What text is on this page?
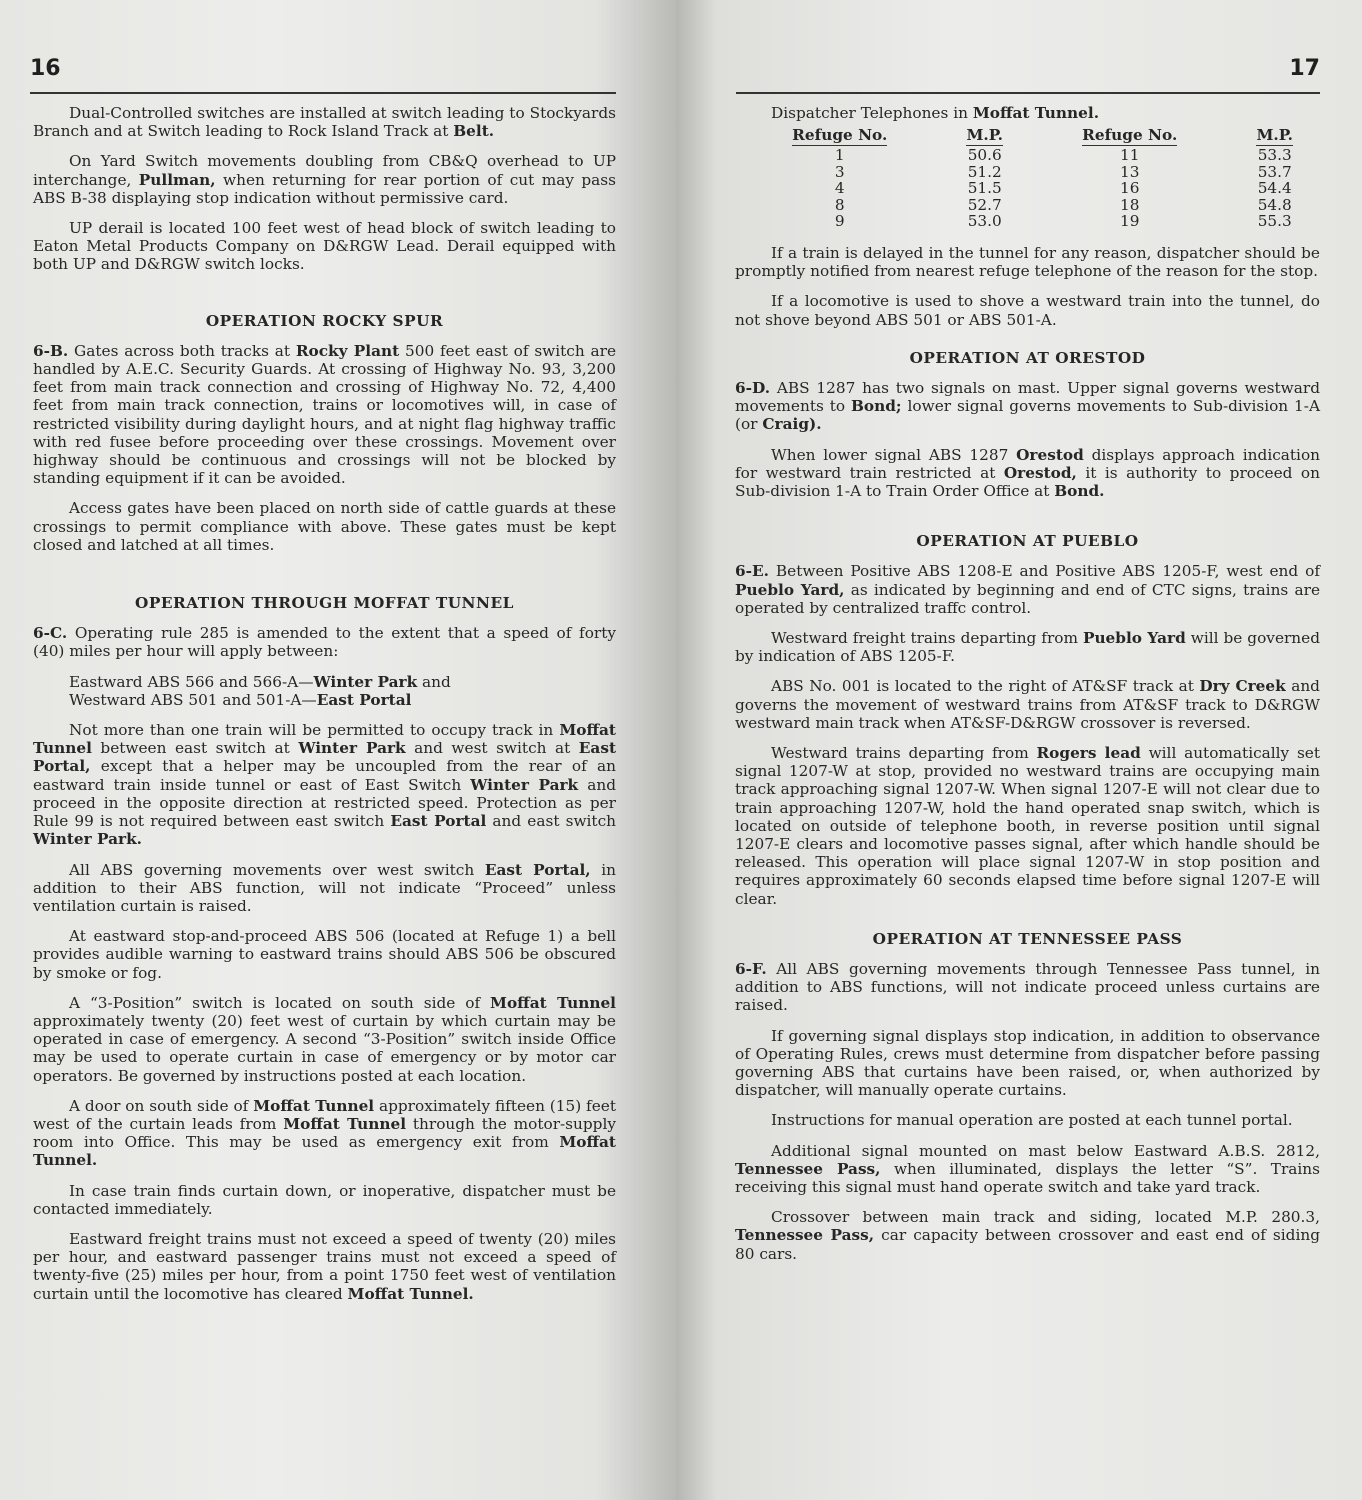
16

Dual-Controlled switches are installed at switch leading to Stockyards Branch and at Switch leading to Rock Island Track at Belt.

On Yard Switch movements doubling from CB&Q overhead to UP interchange, Pullman, when returning for rear portion of cut may pass ABS B-38 displaying stop indication without permissive card.

UP derail is located 100 feet west of head block of switch leading to Eaton Metal Products Company on D&RGW Lead. Derail equipped with both UP and D&RGW switch locks.

OPERATION ROCKY SPUR

6-B. Gates across both tracks at Rocky Plant 500 feet east of switch are handled by A.E.C. Security Guards. At crossing of Highway No. 93, 3,200 feet from main track connection and crossing of Highway No. 72, 4,400 feet from main track connection, trains or locomotives will, in case of restricted visibility during daylight hours, and at night flag highway traffic with red fusee before proceeding over these crossings. Movement over highway should be continuous and crossings will not be blocked by standing equipment if it can be avoided.

Access gates have been placed on north side of cattle guards at these crossings to permit compliance with above. These gates must be kept closed and latched at all times.

OPERATION THROUGH MOFFAT TUNNEL

6-C. Operating rule 285 is amended to the extent that a speed of forty (40) miles per hour will apply between:

Eastward ABS 566 and 566-A—Winter Park and
Westward ABS 501 and 501-A—East Portal

Not more than one train will be permitted to occupy track in Moffat Tunnel between east switch at Winter Park and west switch at East Portal, except that a helper may be uncoupled from the rear of an eastward train inside tunnel or east of East Switch Winter Park and proceed in the opposite direction at restricted speed. Protection as per Rule 99 is not required between east switch East Portal and east switch Winter Park.

All ABS governing movements over west switch East Portal, in addition to their ABS function, will not indicate “Proceed” unless ventilation curtain is raised.

At eastward stop-and-proceed ABS 506 (located at Refuge 1) a bell provides audible warning to eastward trains should ABS 506 be obscured by smoke or fog.

A “3-Position” switch is located on south side of Moffat Tunnel approximately twenty (20) feet west of curtain by which curtain may be operated in case of emergency. A second “3-Position” switch inside Office may be used to operate curtain in case of emergency or by motor car operators. Be governed by instructions posted at each location.

A door on south side of Moffat Tunnel approximately fifteen (15) feet west of the curtain leads from Moffat Tunnel through the motor-supply room into Office. This may be used as emergency exit from Moffat Tunnel.

In case train finds curtain down, or inoperative, dispatcher must be contacted immediately.

Eastward freight trains must not exceed a speed of twenty (20) miles per hour, and eastward passenger trains must not exceed a speed of twenty-five (25) miles per hour, from a point 1750 feet west of ventilation curtain until the locomotive has cleared Moffat Tunnel.

17

Dispatcher Telephones in Moffat Tunnel.

Refuge No.	M.P.	Refuge No.	M.P.
1	50.6	11	53.3
3	51.2	13	53.7
4	51.5	16	54.4
8	52.7	18	54.8
9	53.0	19	55.3

If a train is delayed in the tunnel for any reason, dispatcher should be promptly notified from nearest refuge telephone of the reason for the stop.

If a locomotive is used to shove a westward train into the tunnel, do not shove beyond ABS 501 or ABS 501-A.

OPERATION AT ORESTOD

6-D. ABS 1287 has two signals on mast. Upper signal governs westward movements to Bond; lower signal governs movements to Sub-division 1-A (or Craig).

When lower signal ABS 1287 Orestod displays approach indication for westward train restricted at Orestod, it is authority to proceed on Sub-division 1-A to Train Order Office at Bond.

OPERATION AT PUEBLO

6-E. Between Positive ABS 1208-E and Positive ABS 1205-F, west end of Pueblo Yard, as indicated by beginning and end of CTC signs, trains are operated by centralized traffc control.

Westward freight trains departing from Pueblo Yard will be governed by indication of ABS 1205-F.

ABS No. 001 is located to the right of AT&SF track at Dry Creek and governs the movement of westward trains from AT&SF track to D&RGW westward main track when AT&SF-D&RGW crossover is reversed.

Westward trains departing from Rogers lead will automatically set signal 1207-W at stop, provided no westward trains are occupying main track approaching signal 1207-W. When signal 1207-E will not clear due to train approaching 1207-W, hold the hand operated snap switch, which is located on outside of telephone booth, in reverse position until signal 1207-E clears and locomotive passes signal, after which handle should be released. This operation will place signal 1207-W in stop position and requires approximately 60 seconds elapsed time before signal 1207-E will clear.

OPERATION AT TENNESSEE PASS

6-F. All ABS governing movements through Tennessee Pass tunnel, in addition to ABS functions, will not indicate proceed unless curtains are raised.

If governing signal displays stop indication, in addition to observance of Operating Rules, crews must determine from dispatcher before passing governing ABS that curtains have been raised, or, when authorized by dispatcher, will manually operate curtains.

Instructions for manual operation are posted at each tunnel portal.

Additional signal mounted on mast below Eastward A.B.S. 2812, Tennessee Pass, when illuminated, displays the letter “S”. Trains receiving this signal must hand operate switch and take yard track.

Crossover between main track and siding, located M.P. 280.3, Tennessee Pass, car capacity between crossover and east end of siding 80 cars.
